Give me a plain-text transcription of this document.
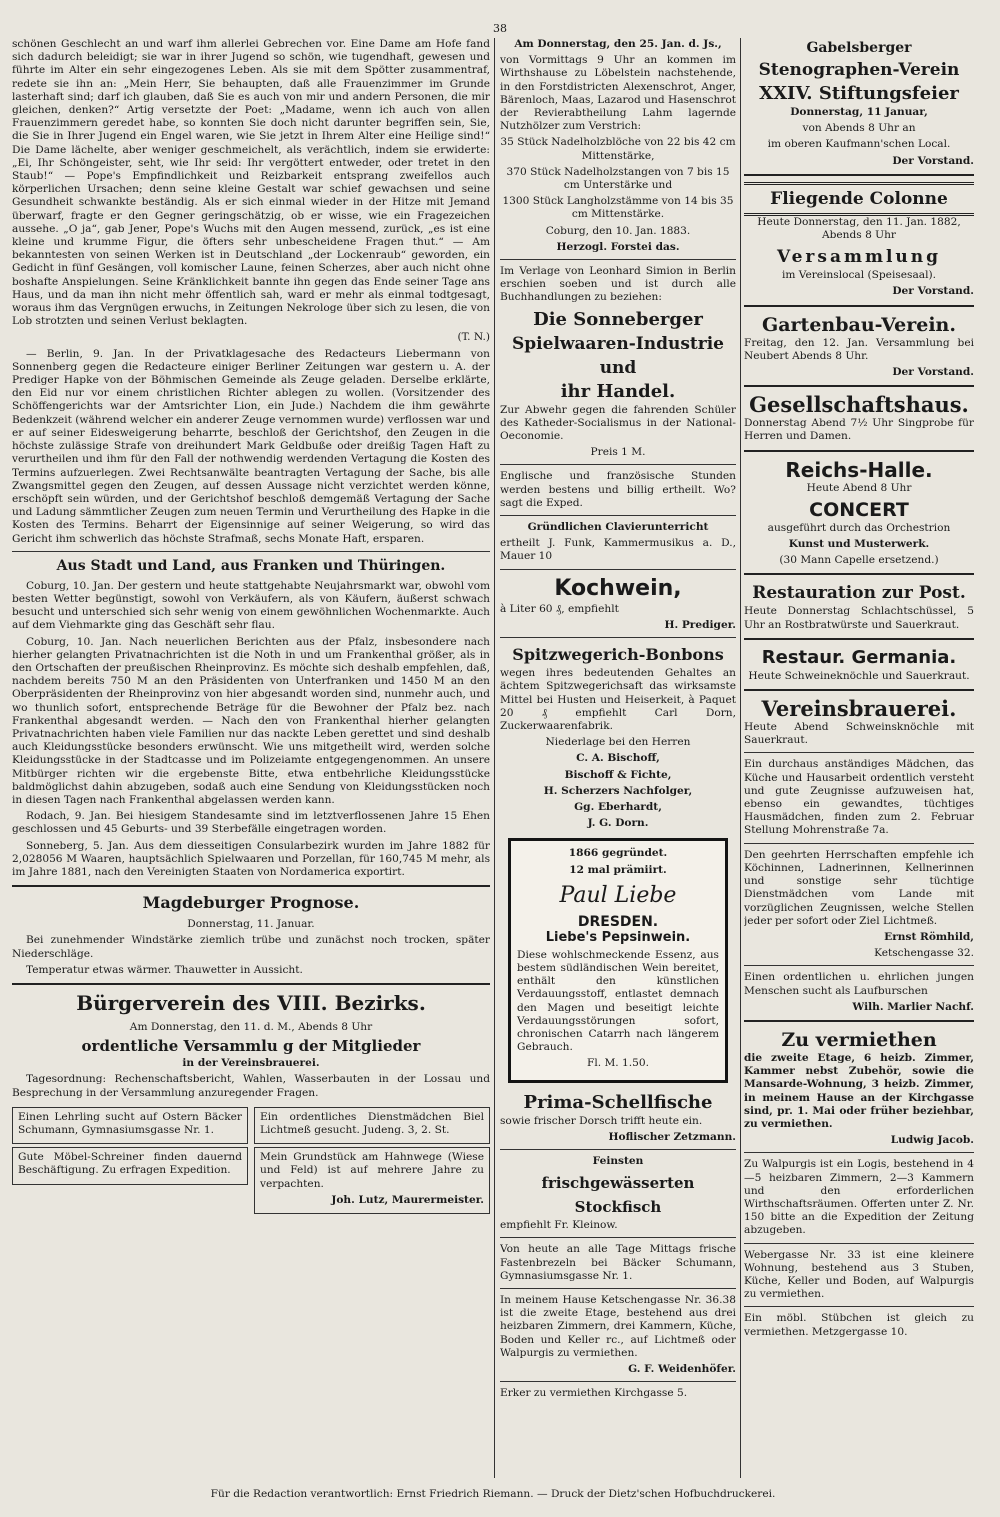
38

schönen Geschlecht an und warf ihm allerlei Gebrechen vor. Eine Dame am Hofe fand sich dadurch beleidigt; sie war in ihrer Jugend so schön, wie tugendhaft, gewesen und führte im Alter ein sehr eingezogenes Leben. Als sie mit dem Spötter zusammentraf, redete sie ihn an: „Mein Herr, Sie behaupten, daß alle Frauenzimmer im Grunde lasterhaft sind; darf ich glauben, daß Sie es auch von mir und andern Personen, die mir gleichen, denken?“ Artig versetzte der Poet: „Madame, wenn ich auch von allen Frauenzimmern geredet habe, so konnten Sie doch nicht darunter begriffen sein, Sie, die Sie in Ihrer Jugend ein Engel waren, wie Sie jetzt in Ihrem Alter eine Heilige sind!“ Die Dame lächelte, aber weniger geschmeichelt, als verächtlich, indem sie erwiderte: „Ei, Ihr Schöngeister, seht, wie Ihr seid: Ihr vergöttert entweder, oder tretet in den Staub!“ — Pope's Empfindlichkeit und Reizbarkeit entsprang zweifellos auch körperlichen Ursachen; denn seine kleine Gestalt war schief gewachsen und seine Gesundheit schwankte beständig. Als er sich einmal wieder in der Hitze mit Jemand überwarf, fragte er den Gegner geringschätzig, ob er wisse, wie ein Fragezeichen aussehe. „O ja“, gab Jener, Pope's Wuchs mit den Augen messend, zurück, „es ist eine kleine und krumme Figur, die öfters sehr unbescheidene Fragen thut.“ — Am bekanntesten von seinen Werken ist in Deutschland „der Lockenraub“ geworden, ein Gedicht in fünf Gesängen, voll komischer Laune, feinen Scherzes, aber auch nicht ohne boshafte Anspielungen. Seine Kränklichkeit bannte ihn gegen das Ende seiner Tage ans Haus, und da man ihn nicht mehr öffentlich sah, ward er mehr als einmal todtgesagt, woraus ihm das Vergnügen erwuchs, in Zeitungen Nekrologe über sich zu lesen, die von Lob strotzten und seinen Verlust beklagten.

(T. N.)

— Berlin, 9. Jan. In der Privatklagesache des Redacteurs Liebermann von Sonnenberg gegen die Redacteure einiger Berliner Zeitungen war gestern u. A. der Prediger Hapke von der Böhmischen Gemeinde als Zeuge geladen. Derselbe erklärte, den Eid nur vor einem christlichen Richter ablegen zu wollen. (Vorsitzender des Schöffengerichts war der Amtsrichter Lion, ein Jude.) Nachdem die ihm gewährte Bedenkzeit (während welcher ein anderer Zeuge vernommen wurde) verflossen war und er auf seiner Eidesweigerung beharrte, beschloß der Gerichtshof, den Zeugen in die höchste zulässige Strafe von dreihundert Mark Geldbuße oder dreißig Tagen Haft zu verurtheilen und ihm für den Fall der nothwendig werdenden Vertagung die Kosten des Termins aufzuerlegen. Zwei Rechtsanwälte beantragten Vertagung der Sache, bis alle Zwangsmittel gegen den Zeugen, auf dessen Aussage nicht verzichtet werden könne, erschöpft sein würden, und der Gerichtshof beschloß demgemäß Vertagung der Sache und Ladung sämmtlicher Zeugen zum neuen Termin und Verurtheilung des Hapke in die Kosten des Termins. Beharrt der Eigensinnige auf seiner Weigerung, so wird das Gericht ihm schwerlich das höchste Strafmaß, sechs Monate Haft, ersparen.

Aus Stadt und Land, aus Franken und Thüringen.

Coburg, 10. Jan. Der gestern und heute stattgehabte Neujahrsmarkt war, obwohl vom besten Wetter begünstigt, sowohl von Verkäufern, als von Käufern, äußerst schwach besucht und unterschied sich sehr wenig von einem gewöhnlichen Wochenmarkte. Auch auf dem Viehmarkte ging das Geschäft sehr flau.

Coburg, 10. Jan. Nach neuerlichen Berichten aus der Pfalz, insbesondere nach hierher gelangten Privatnachrichten ist die Noth in und um Frankenthal größer, als in den Ortschaften der preußischen Rheinprovinz. Es möchte sich deshalb empfehlen, daß, nachdem bereits 750 M an den Präsidenten von Unterfranken und 1450 M an den Oberpräsidenten der Rheinprovinz von hier abgesandt worden sind, nunmehr auch, und wo thunlich sofort, entsprechende Beträge für die Bewohner der Pfalz bez. nach Frankenthal abgesandt werden. — Nach den von Frankenthal hierher gelangten Privatnachrichten haben viele Familien nur das nackte Leben gerettet und sind deshalb auch Kleidungsstücke besonders erwünscht. Wie uns mitgetheilt wird, werden solche Kleidungsstücke in der Stadtcasse und im Polizeiamte entgegengenommen. An unsere Mitbürger richten wir die ergebenste Bitte, etwa entbehrliche Kleidungsstücke baldmöglichst dahin abzugeben, sodaß auch eine Sendung von Kleidungsstücken noch in diesen Tagen nach Frankenthal abgelassen werden kann.

Rodach, 9. Jan. Bei hiesigem Standesamte sind im letztverflossenen Jahre 15 Ehen geschlossen und 45 Geburts- und 39 Sterbefälle eingetragen worden.

Sonneberg, 5. Jan. Aus dem diesseitigen Consularbezirk wurden im Jahre 1882 für 2,028056 M Waaren, hauptsächlich Spielwaaren und Porzellan, für 160,745 M mehr, als im Jahre 1881, nach den Vereinigten Staaten von Nordamerica exportirt.

Magdeburger Prognose.

Donnerstag, 11. Januar.

Bei zunehmender Windstärke ziemlich trübe und zunächst noch trocken, später Niederschläge.

Temperatur etwas wärmer. Thauwetter in Aussicht.

Bürgerverein des VIII. Bezirks.

Am Donnerstag, den 11. d. M., Abends 8 Uhr

ordentliche Versammlu g der Mitglieder

in der Vereinsbrauerei.

Tagesordnung: Rechenschaftsbericht, Wahlen, Wasserbauten in der Lossau und Besprechung in der Versammlung anzuregender Fragen.

Einen Lehrling sucht auf Ostern Bäcker Schumann, Gymnasiumsgasse Nr. 1.

Gute Möbel-Schreiner finden dauernd Beschäftigung. Zu erfragen Expedition.

Ein ordentliches Dienstmädchen Biel Lichtmeß gesucht. Judeng. 3, 2. St.

Mein Grundstück am Hahnwege (Wiese und Feld) ist auf mehrere Jahre zu verpachten.

Joh. Lutz, Maurermeister.

Am Donnerstag, den 25. Jan. d. Js.,

von Vormittags 9 Uhr an kommen im Wirthshause zu Löbelstein nachstehende, in den Forstdistricten Alexenschrot, Anger, Bärenloch, Maas, Lazarod und Hasenschrot der Revierabtheilung Lahm lagernde Nutzhölzer zum Verstrich:

35 Stück Nadelholzblöche von 22 bis 42 cm Mittenstärke,

370 Stück Nadelholzstangen von 7 bis 15 cm Unterstärke und

1300 Stück Langholzstämme von 14 bis 35 cm Mittenstärke.

Coburg, den 10. Jan. 1883.

Herzogl. Forstei das.

Im Verlage von Leonhard Simion in Berlin erschien soeben und ist durch alle Buchhandlungen zu beziehen:

Die Sonneberger
Spielwaaren-Industrie und
ihr Handel.

Zur Abwehr gegen die fahrenden Schüler des Katheder-Socialismus in der National-Oeconomie.

Preis 1 M.

Englische und französische Stunden werden bestens und billig ertheilt. Wo? sagt die Exped.

Gründlichen Clavierunterricht

ertheilt J. Funk, Kammermusikus a. D., Mauer 10

Kochwein,

à Liter 60 ₰, empfiehlt

H. Prediger.

Spitzwegerich-Bonbons

wegen ihres bedeutenden Gehaltes an ächtem Spitzwegerichsaft das wirksamste Mittel bei Husten und Heiserkeit, à Paquet 20 ₰ empfiehlt Carl Dorn, Zuckerwaarenfabrik.

Niederlage bei den Herren

C. A. Bischoff,

Bischoff & Fichte,

H. Scherzers Nachfolger,

Gg. Eberhardt,

J. G. Dorn.

1866 gegründet.

12 mal prämiirt.

Paul Liebe
DRESDEN.
Liebe's Pepsinwein.

Diese wohlschmeckende Essenz, aus bestem südländischen Wein bereitet, enthält den künstlichen Verdauungsstoff, entlastet demnach den Magen und beseitigt leichte Verdauungsstörungen sofort, chronischen Catarrh nach längerem Gebrauch.

Fl. M. 1.50.

Prima-Schellfische

sowie frischer Dorsch trifft heute ein.

Hoflischer Zetzmann.

Feinsten

frischgewässerten Stockfisch

empfiehlt Fr. Kleinow.

Von heute an alle Tage Mittags frische Fastenbrezeln bei Bäcker Schumann, Gymnasiumsgasse Nr. 1.

In meinem Hause Ketschengasse Nr. 36.38 ist die zweite Etage, bestehend aus drei heizbaren Zimmern, drei Kammern, Küche, Boden und Keller rc., auf Lichtmeß oder Walpurgis zu vermiethen.

G. F. Weidenhöfer.

Erker zu vermiethen Kirchgasse 5.

Gabelsberger
Stenographen-Verein
XXIV. Stiftungsfeier

Donnerstag, 11 Januar,

von Abends 8 Uhr an

im oberen Kaufmann'schen Local.

Der Vorstand.

Fliegende Colonne

Heute Donnerstag, den 11. Jan. 1882, Abends 8 Uhr

Versammlung

im Vereinslocal (Speisesaal).

Der Vorstand.

Gartenbau-Verein.

Freitag, den 12. Jan. Versammlung bei Neubert Abends 8 Uhr.

Der Vorstand.

Gesellschaftshaus.

Donnerstag Abend 7½ Uhr Singprobe für Herren und Damen.

Reichs-Halle.

Heute Abend 8 Uhr

CONCERT

ausgeführt durch das Orchestrion

Kunst und Musterwerk.

(30 Mann Capelle ersetzend.)

Restauration zur Post.

Heute Donnerstag Schlachtschüssel, 5 Uhr an Rostbratwürste und Sauerkraut.

Restaur. Germania.

Heute Schweineknöchle und Sauerkraut.

Vereinsbrauerei.

Heute Abend Schweinsknöchle mit Sauerkraut.

Ein durchaus anständiges Mädchen, das Küche und Hausarbeit ordentlich versteht und gute Zeugnisse aufzuweisen hat, ebenso ein gewandtes, tüchtiges Hausmädchen, finden zum 2. Februar Stellung Mohrenstraße 7a.

Den geehrten Herrschaften empfehle ich Köchinnen, Ladnerinnen, Kellnerinnen und sonstige sehr tüchtige Dienstmädchen vom Lande mit vorzüglichen Zeugnissen, welche Stellen jeder per sofort oder Ziel Lichtmeß.

Ernst Römhild,

Ketschengasse 32.

Einen ordentlichen u. ehrlichen jungen Menschen sucht als Laufburschen

Wilh. Marlier Nachf.

Zu vermiethen

die zweite Etage, 6 heizb. Zimmer, Kammer nebst Zubehör, sowie die Mansarde-Wohnung, 3 heizb. Zimmer, in meinem Hause an der Kirchgasse sind, pr. 1. Mai oder früher beziehbar, zu vermiethen.

Ludwig Jacob.

Zu Walpurgis ist ein Logis, bestehend in 4—5 heizbaren Zimmern, 2—3 Kammern und den erforderlichen Wirthschaftsräumen. Offerten unter Z. Nr. 150 bitte an die Expedition der Zeitung abzugeben.

Webergasse Nr. 33 ist eine kleinere Wohnung, bestehend aus 3 Stuben, Küche, Keller und Boden, auf Walpurgis zu vermiethen.

Ein möbl. Stübchen ist gleich zu vermiethen. Metzgergasse 10.

Für die Redaction verantwortlich: Ernst Friedrich Riemann. — Druck der Dietz'schen Hofbuchdruckerei.
